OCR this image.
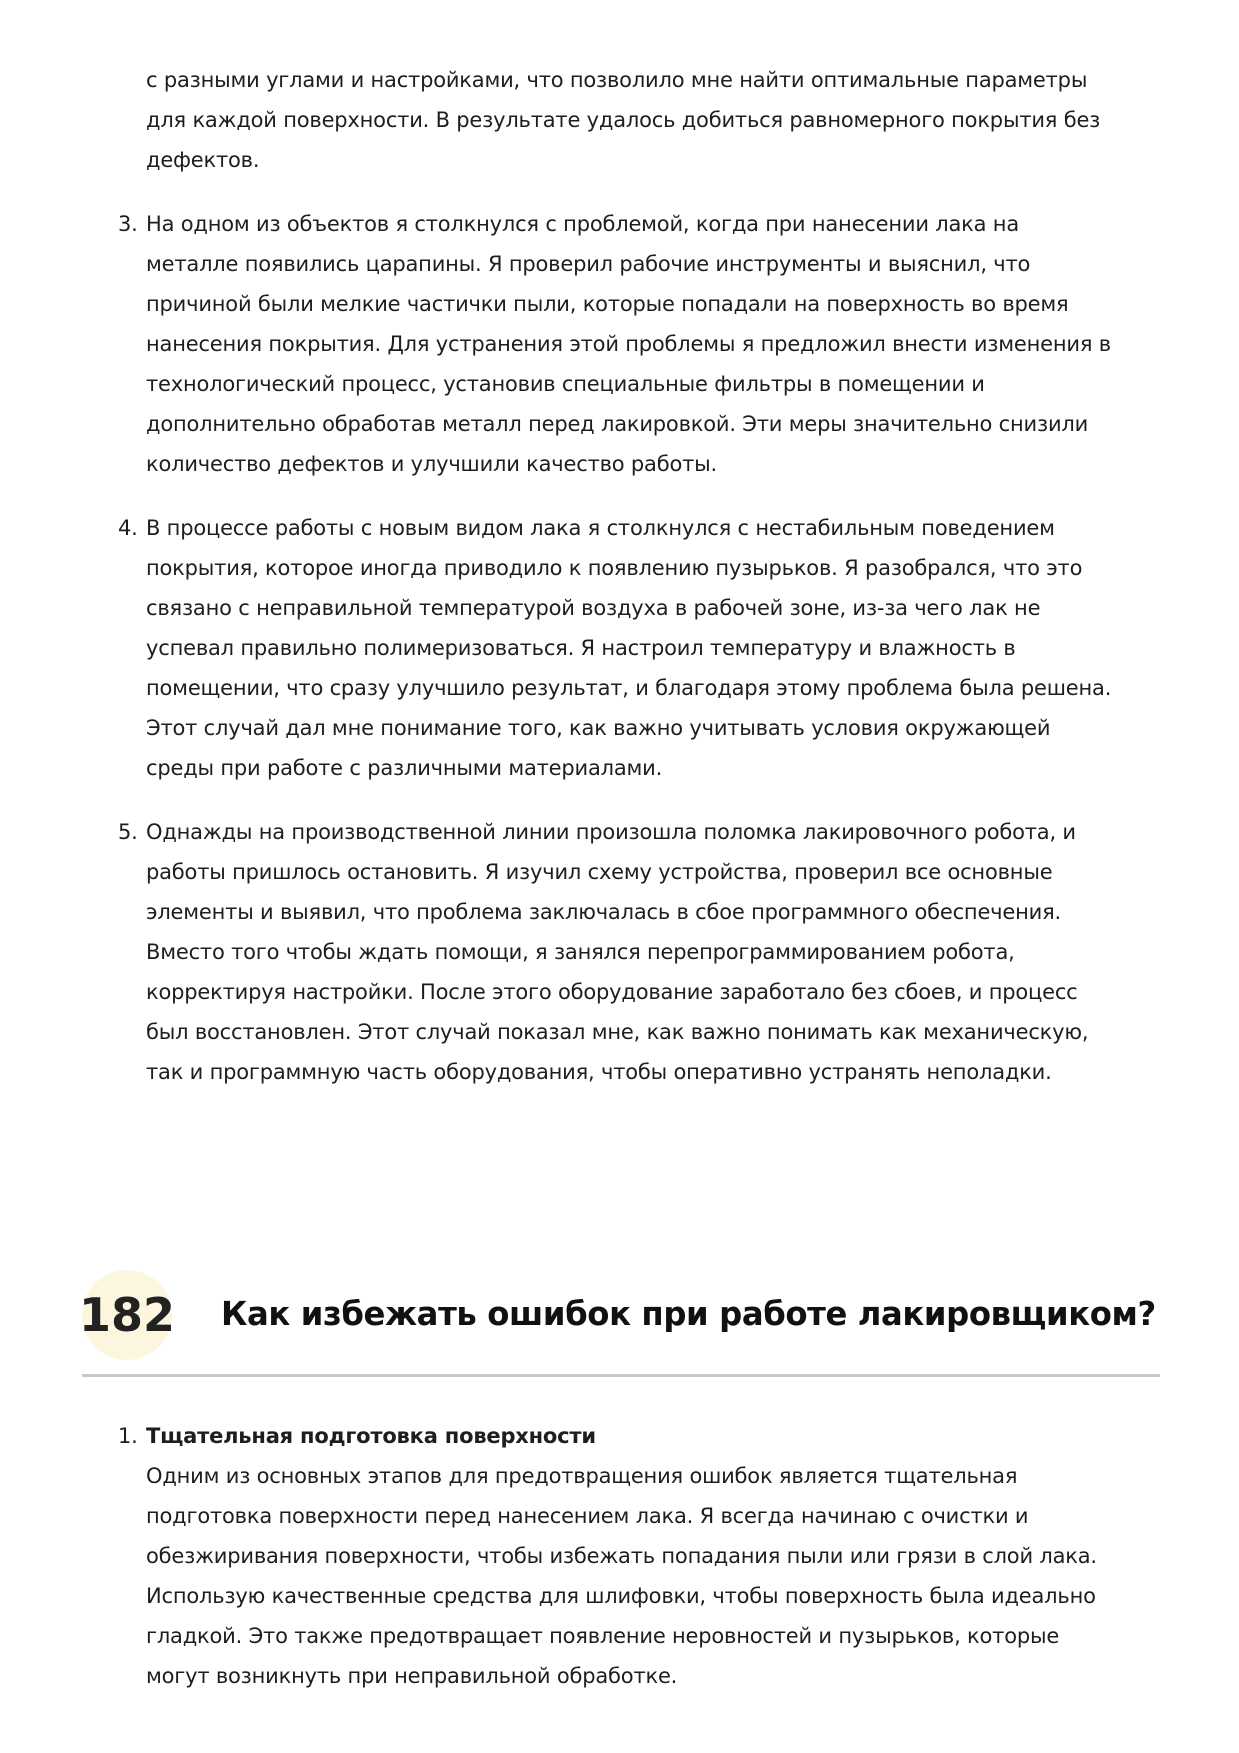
с разными углами и настройками, что позволило мне найти оптимальные параметры
для каждой поверхности. В результате удалось добиться равномерного покрытия без
дефектов.
3. На одном из объектов я столкнулся с проблемой, когда при нанесении лака на
металле появились царапины. Я проверил рабочие инструменты и выяснил, что
причиной были мелкие частички пыли, которые попадали на поверхность во время
нанесения покрытия. Для устранения этой проблемы я предложил внести изменения в
технологический процесс, установив специальные фильтры в помещении и
дополнительно обработав металл перед лакировкой. Эти меры значительно снизили
количество дефектов и улучшили качество работы.
4. В процессе работы с новым видом лака я столкнулся с нестабильным поведением
покрытия, которое иногда приводило к появлению пузырьков. Я разобрался, что это
связано с неправильной температурой воздуха в рабочей зоне, из-за чего лак не
успевал правильно полимеризоваться. Я настроил температуру и влажность в
помещении, что сразу улучшило результат, и благодаря этому проблема была решена.
Этот случай дал мне понимание того, как важно учитывать условия окружающей
среды при работе с различными материалами.
5. Однажды на производственной линии произошла поломка лакировочного робота, и
работы пришлось остановить. Я изучил схему устройства, проверил все основные
элементы и выявил, что проблема заключалась в сбое программного обеспечения.
Вместо того чтобы ждать помощи, я занялся перепрограммированием робота,
корректируя настройки. После этого оборудование заработало без сбоев, и процесс
был восстановлен. Этот случай показал мне, как важно понимать как механическую,
так и программную часть оборудования, чтобы оперативно устранять неполадки.
182 Как избежать ошибок при работе лакировщиком?
1. Тщательная подготовка поверхности
Одним из основных этапов для предотвращения ошибок является тщательная
подготовка поверхности перед нанесением лака. Я всегда начинаю с очистки и
обезжиривания поверхности, чтобы избежать попадания пыли или грязи в слой лака.
Использую качественные средства для шлифовки, чтобы поверхность была идеально
гладкой. Это также предотвращает появление неровностей и пузырьков, которые
могут возникнуть при неправильной обработке.
